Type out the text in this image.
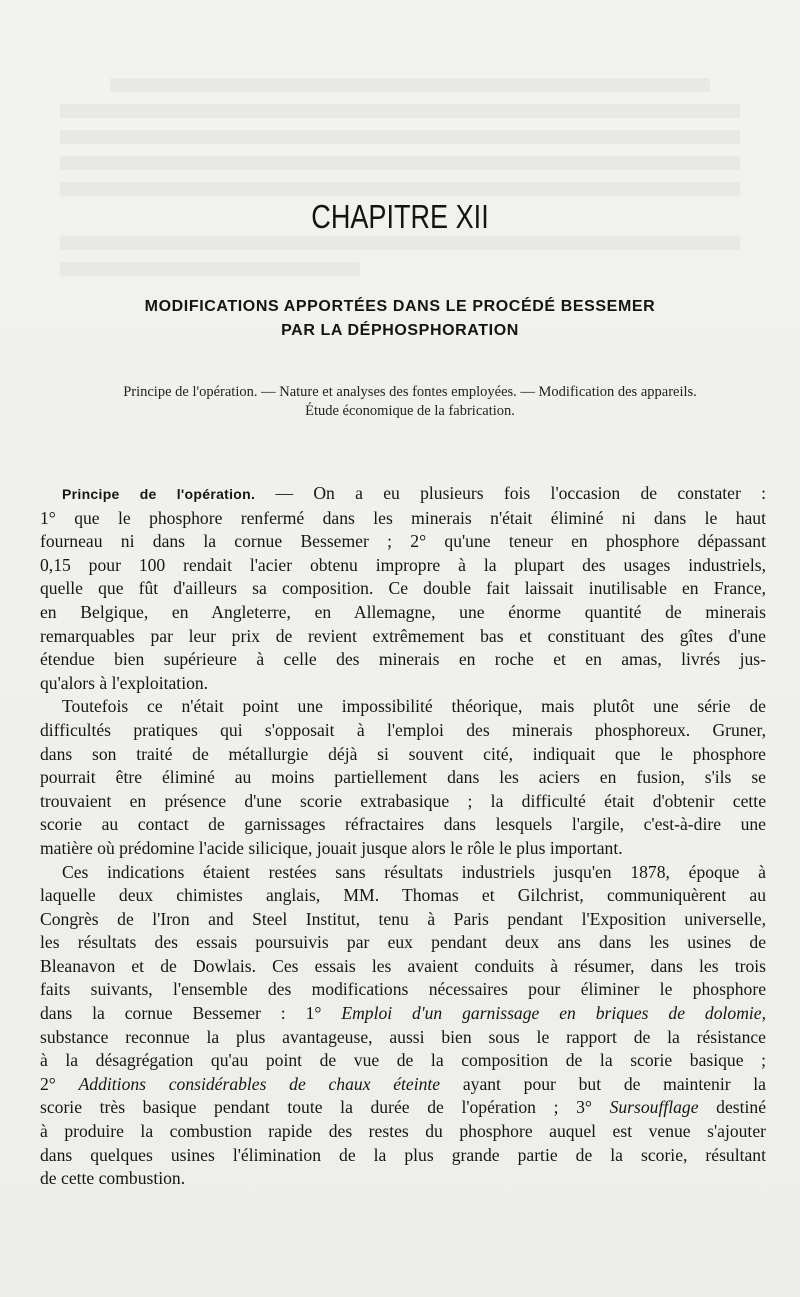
CHAPITRE XII
MODIFICATIONS APPORTÉES DANS LE PROCÉDÉ BESSEMER
PAR LA DÉPHOSPHORATION
Principe de l'opération. — Nature et analyses des fontes employées. — Modification des appareils.
Étude économique de la fabrication.

Principe de l'opération. — On a eu plusieurs fois l'occasion de constater :

1° que le phosphore renfermé dans les minerais n'était éliminé ni dans le haut

fourneau ni dans la cornue Bessemer ; 2° qu'une teneur en phosphore dépassant

0,15 pour 100 rendait l'acier obtenu impropre à la plupart des usages industriels,

quelle que fût d'ailleurs sa composition. Ce double fait laissait inutilisable en France,

en Belgique, en Angleterre, en Allemagne, une énorme quantité de minerais

remarquables par leur prix de revient extrêmement bas et constituant des gîtes d'une

étendue bien supérieure à celle des minerais en roche et en amas, livrés jus-

qu'alors à l'exploitation.

Toutefois ce n'était point une impossibilité théorique, mais plutôt une série de

difficultés pratiques qui s'opposait à l'emploi des minerais phosphoreux. Gruner,

dans son traité de métallurgie déjà si souvent cité, indiquait que le phosphore

pourrait être éliminé au moins partiellement dans les aciers en fusion, s'ils se

trouvaient en présence d'une scorie extrabasique ; la difficulté était d'obtenir cette

scorie au contact de garnissages réfractaires dans lesquels l'argile, c'est-à-dire une

matière où prédomine l'acide silicique, jouait jusque alors le rôle le plus important.

Ces indications étaient restées sans résultats industriels jusqu'en 1878, époque à

laquelle deux chimistes anglais, MM. Thomas et Gilchrist, communiquèrent au

Congrès de l'Iron and Steel Institut, tenu à Paris pendant l'Exposition universelle,

les résultats des essais poursuivis par eux pendant deux ans dans les usines de

Bleanavon et de Dowlais. Ces essais les avaient conduits à résumer, dans les trois

faits suivants, l'ensemble des modifications nécessaires pour éliminer le phosphore

dans la cornue Bessemer : 1° Emploi d'un garnissage en briques de dolomie,

substance reconnue la plus avantageuse, aussi bien sous le rapport de la résistance

à la désagrégation qu'au point de vue de la composition de la scorie basique ;

2° Additions considérables de chaux éteinte ayant pour but de maintenir la

scorie très basique pendant toute la durée de l'opération ; 3° Sursoufflage destiné

à produire la combustion rapide des restes du phosphore auquel est venue s'ajouter

dans quelques usines l'élimination de la plus grande partie de la scorie, résultant

de cette combustion.
